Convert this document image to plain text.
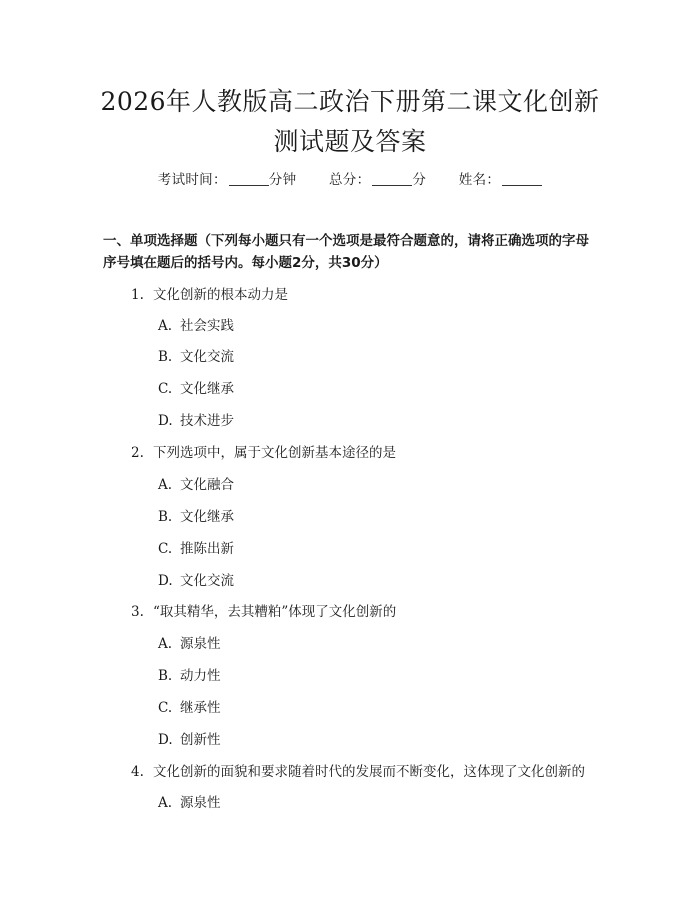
2026年人教版高二政治下册第二课文化创新
测试题及答案
考试时间：	分钟 总分：	分 姓名：
一、单项选择题（下列每小题只有一个选项是最符合题意的，请将正确选项的字母序号填在题后的括号内。每小题2分，共30分）
1. 文化创新的根本动力是
A. 社会实践
B. 文化交流
C. 文化继承
D. 技术进步
2. 下列选项中，属于文化创新基本途径的是
A. 文化融合
B. 文化继承
C. 推陈出新
D. 文化交流
3. “取其精华，去其糟粕”体现了文化创新的
A. 源泉性
B. 动力性
C. 继承性
D. 创新性
4. 文化创新的面貌和要求随着时代的发展而不断变化，这体现了文化创新的
A. 源泉性
